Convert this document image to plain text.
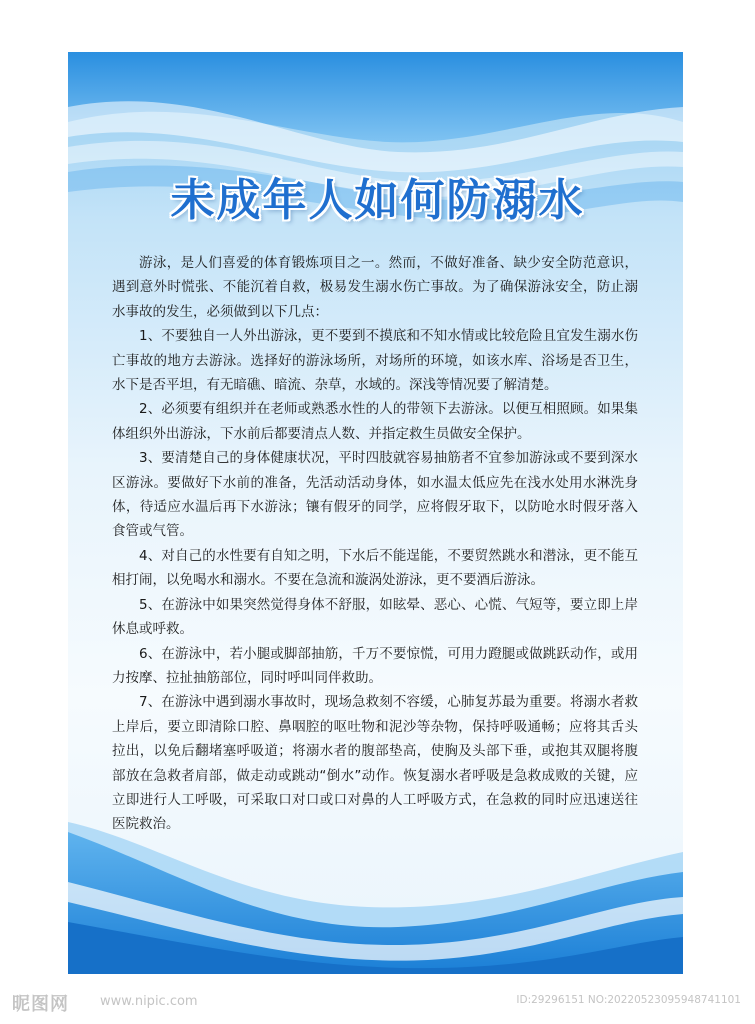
未成年人如何防溺水

游泳，是人们喜爱的体育锻炼项目之一。然而，不做好准备、缺少安全防范意识，遇到意外时慌张、不能沉着自救，极易发生溺水伤亡事故。为了确保游泳安全，防止溺水事故的发生，必须做到以下几点：

1、不要独自一人外出游泳，更不要到不摸底和不知水情或比较危险且宜发生溺水伤亡事故的地方去游泳。选择好的游泳场所，对场所的环境，如该水库、浴场是否卫生，水下是否平坦，有无暗礁、暗流、杂草，水域的。深浅等情况要了解清楚。

2、必须要有组织并在老师或熟悉水性的人的带领下去游泳。以便互相照顾。如果集体组织外出游泳，下水前后都要清点人数、并指定救生员做安全保护。

3、要清楚自己的身体健康状况，平时四肢就容易抽筋者不宜参加游泳或不要到深水区游泳。要做好下水前的准备，先活动活动身体，如水温太低应先在浅水处用水淋洗身体，待适应水温后再下水游泳；镶有假牙的同学，应将假牙取下，以防呛水时假牙落入食管或气管。

4、对自己的水性要有自知之明，下水后不能逞能，不要贸然跳水和潜泳，更不能互相打闹，以免喝水和溺水。不要在急流和漩涡处游泳，更不要酒后游泳。

5、在游泳中如果突然觉得身体不舒服，如眩晕、恶心、心慌、气短等，要立即上岸休息或呼救。

6、在游泳中，若小腿或脚部抽筋，千万不要惊慌，可用力蹬腿或做跳跃动作，或用力按摩、拉扯抽筋部位，同时呼叫同伴救助。

7、在游泳中遇到溺水事故时，现场急救刻不容缓，心肺复苏最为重要。将溺水者救上岸后，要立即清除口腔、鼻咽腔的呕吐物和泥沙等杂物，保持呼吸通畅；应将其舌头拉出，以免后翻堵塞呼吸道；将溺水者的腹部垫高，使胸及头部下垂，或抱其双腿将腹部放在急救者肩部，做走动或跳动“倒水”动作。恢复溺水者呼吸是急救成败的关键，应立即进行人工呼吸，可采取口对口或口对鼻的人工呼吸方式，在急救的同时应迅速送往医院救治。

昵图网 www.nipic.com	ID:29296151 NO:20220523095948741101
